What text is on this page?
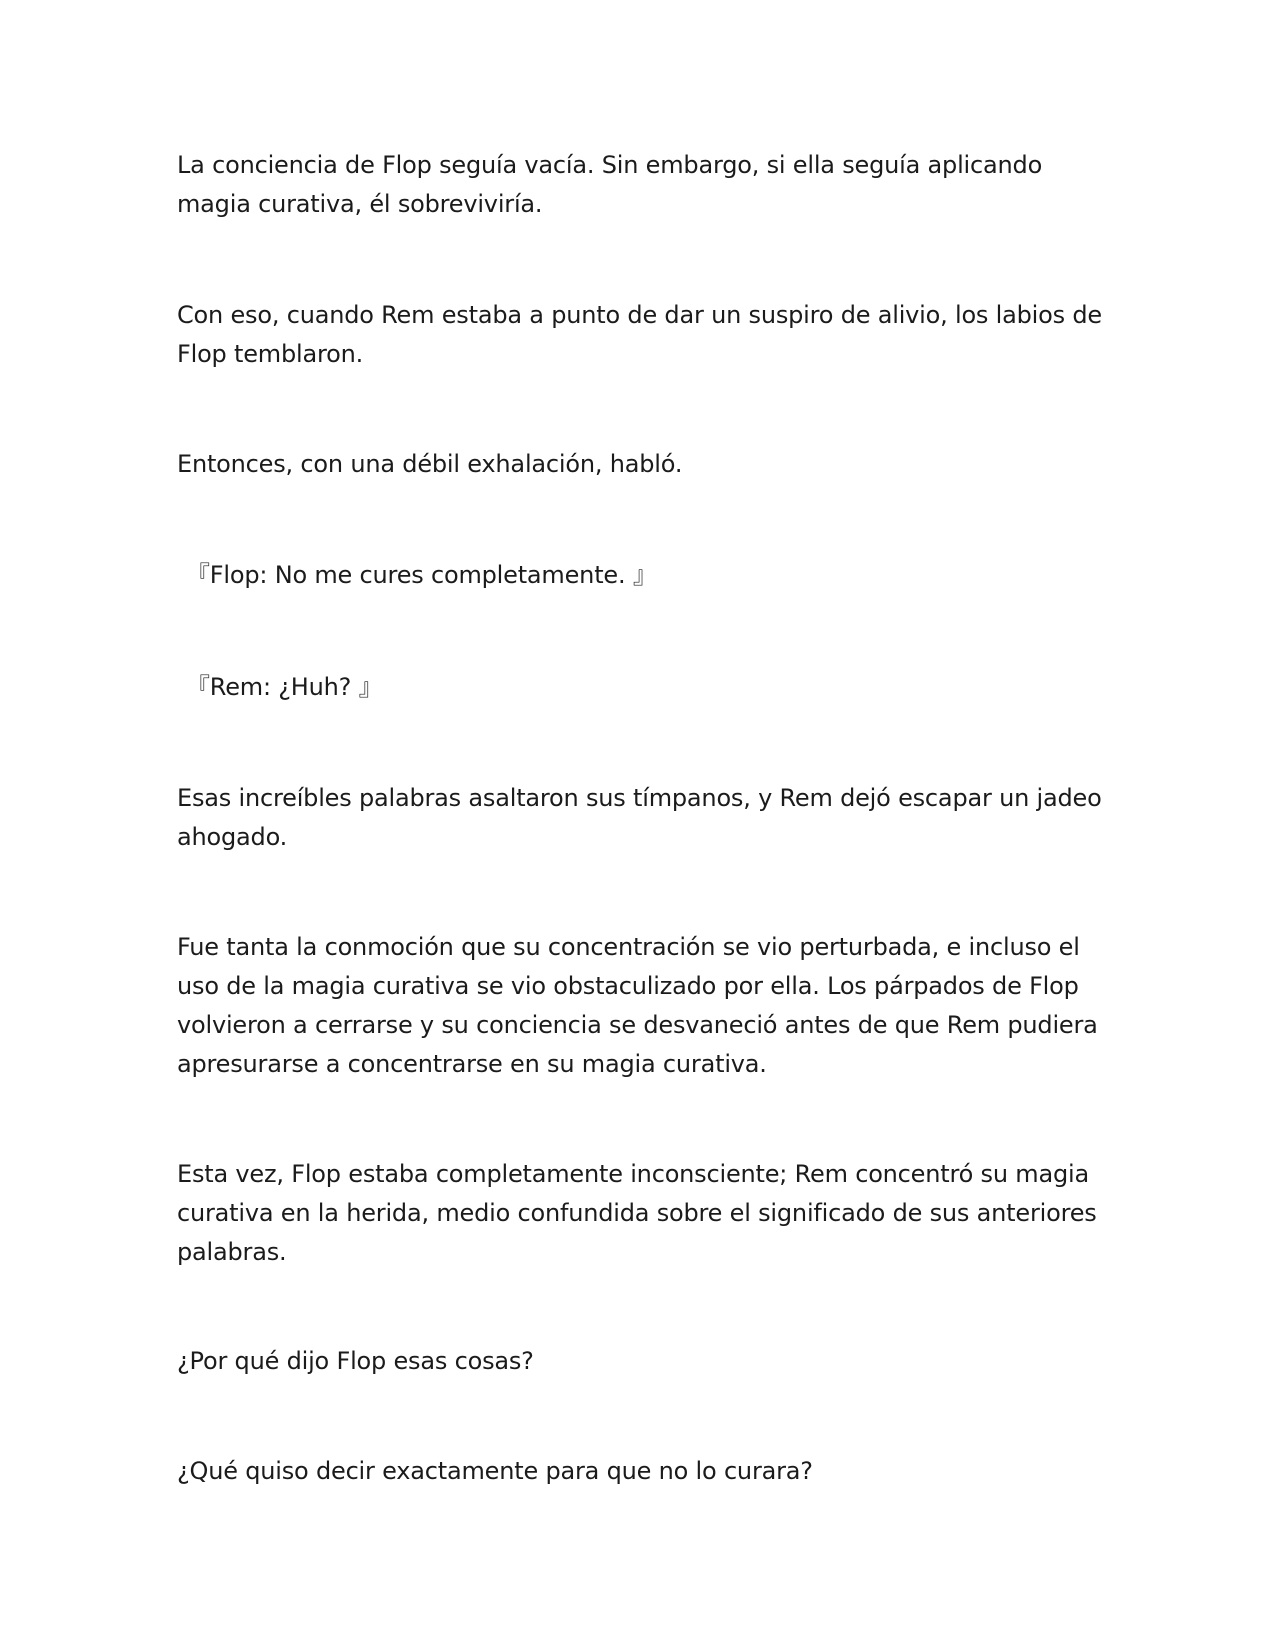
La conciencia de Flop seguía vacía. Sin embargo, si ella seguía aplicando magia curativa, él sobreviviría.

Con eso, cuando Rem estaba a punto de dar un suspiro de alivio, los labios de Flop temblaron.

Entonces, con una débil exhalación, habló.

『Flop: No me cures completamente. 』

『Rem: ¿Huh? 』

Esas increíbles palabras asaltaron sus tímpanos, y Rem dejó escapar un jadeo ahogado.

Fue tanta la conmoción que su concentración se vio perturbada, e incluso el uso de la magia curativa se vio obstaculizado por ella. Los párpados de Flop volvieron a cerrarse y su conciencia se desvaneció antes de que Rem pudiera apresurarse a concentrarse en su magia curativa.

Esta vez, Flop estaba completamente inconsciente; Rem concentró su magia curativa en la herida, medio confundida sobre el significado de sus anteriores palabras.

¿Por qué dijo Flop esas cosas?

¿Qué quiso decir exactamente para que no lo curara?
